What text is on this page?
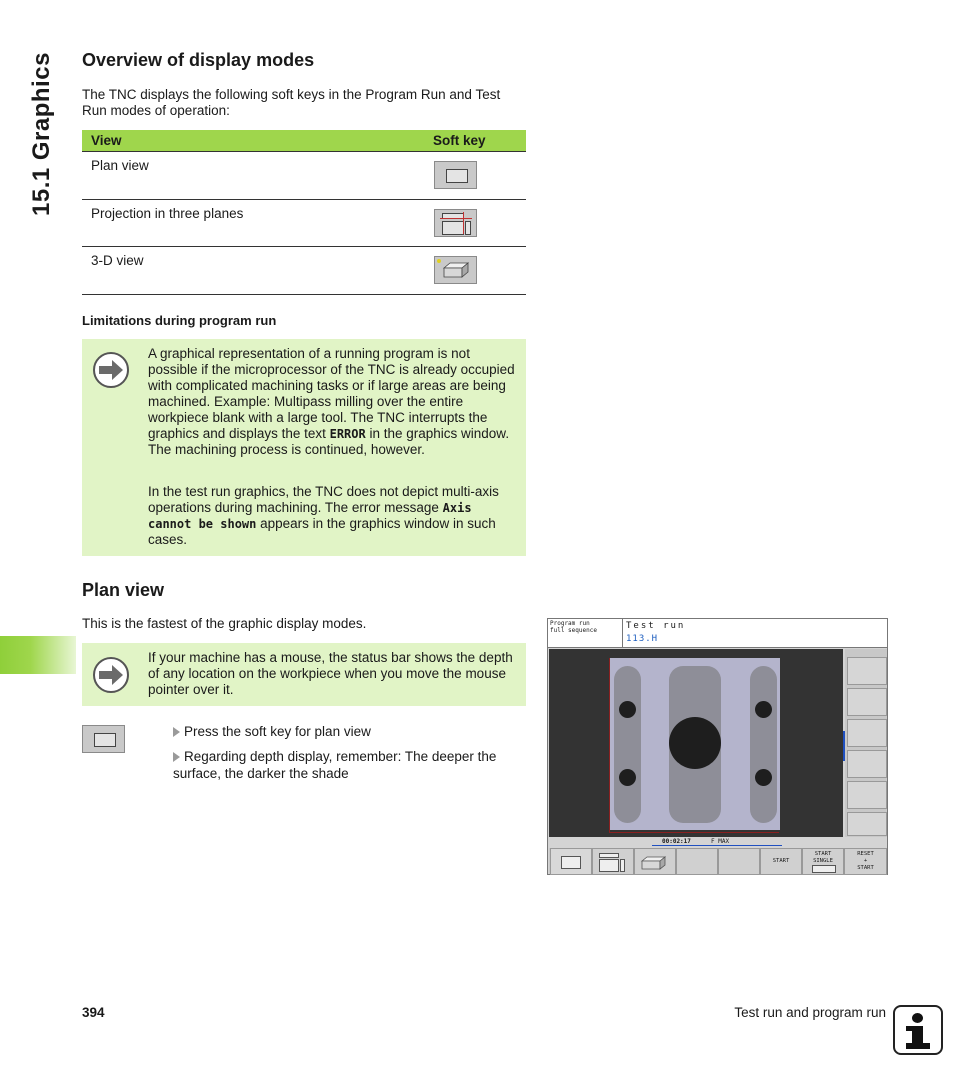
15.1 Graphics Overview of display modes

The TNC displays the following soft keys in the Program Run and Test Run modes of operation:

View	Soft key
Plan view	

Projection in three planes	

3-D view	
Limitations during program run

A graphical representation of a running program is not possible if the microprocessor of the TNC is already occupied with complicated machining tasks or if large areas are being machined. Example: Multipass milling over the entire workpiece blank with a large tool. The TNC interrupts the graphics and displays the text ERROR in the graphics window. The machining process is continued, however.

In the test run graphics, the TNC does not depict multi-axis operations during machining. The error message Axis cannot be shown appears in the graphics window in such cases.

Plan view

This is the fastest of the graphic display modes.

If your machine has a mouse, the status bar shows the depth of any location on the workpiece when you move the mouse pointer over it.

Press the soft key for plan view
Regarding depth display, remember: The deeper the surface, the darker the shade
Program run
full sequence	Test run
113.H
00:02:17	F MAX
START
START
SINGLE
RESET
+
START
394	Test run and program run
